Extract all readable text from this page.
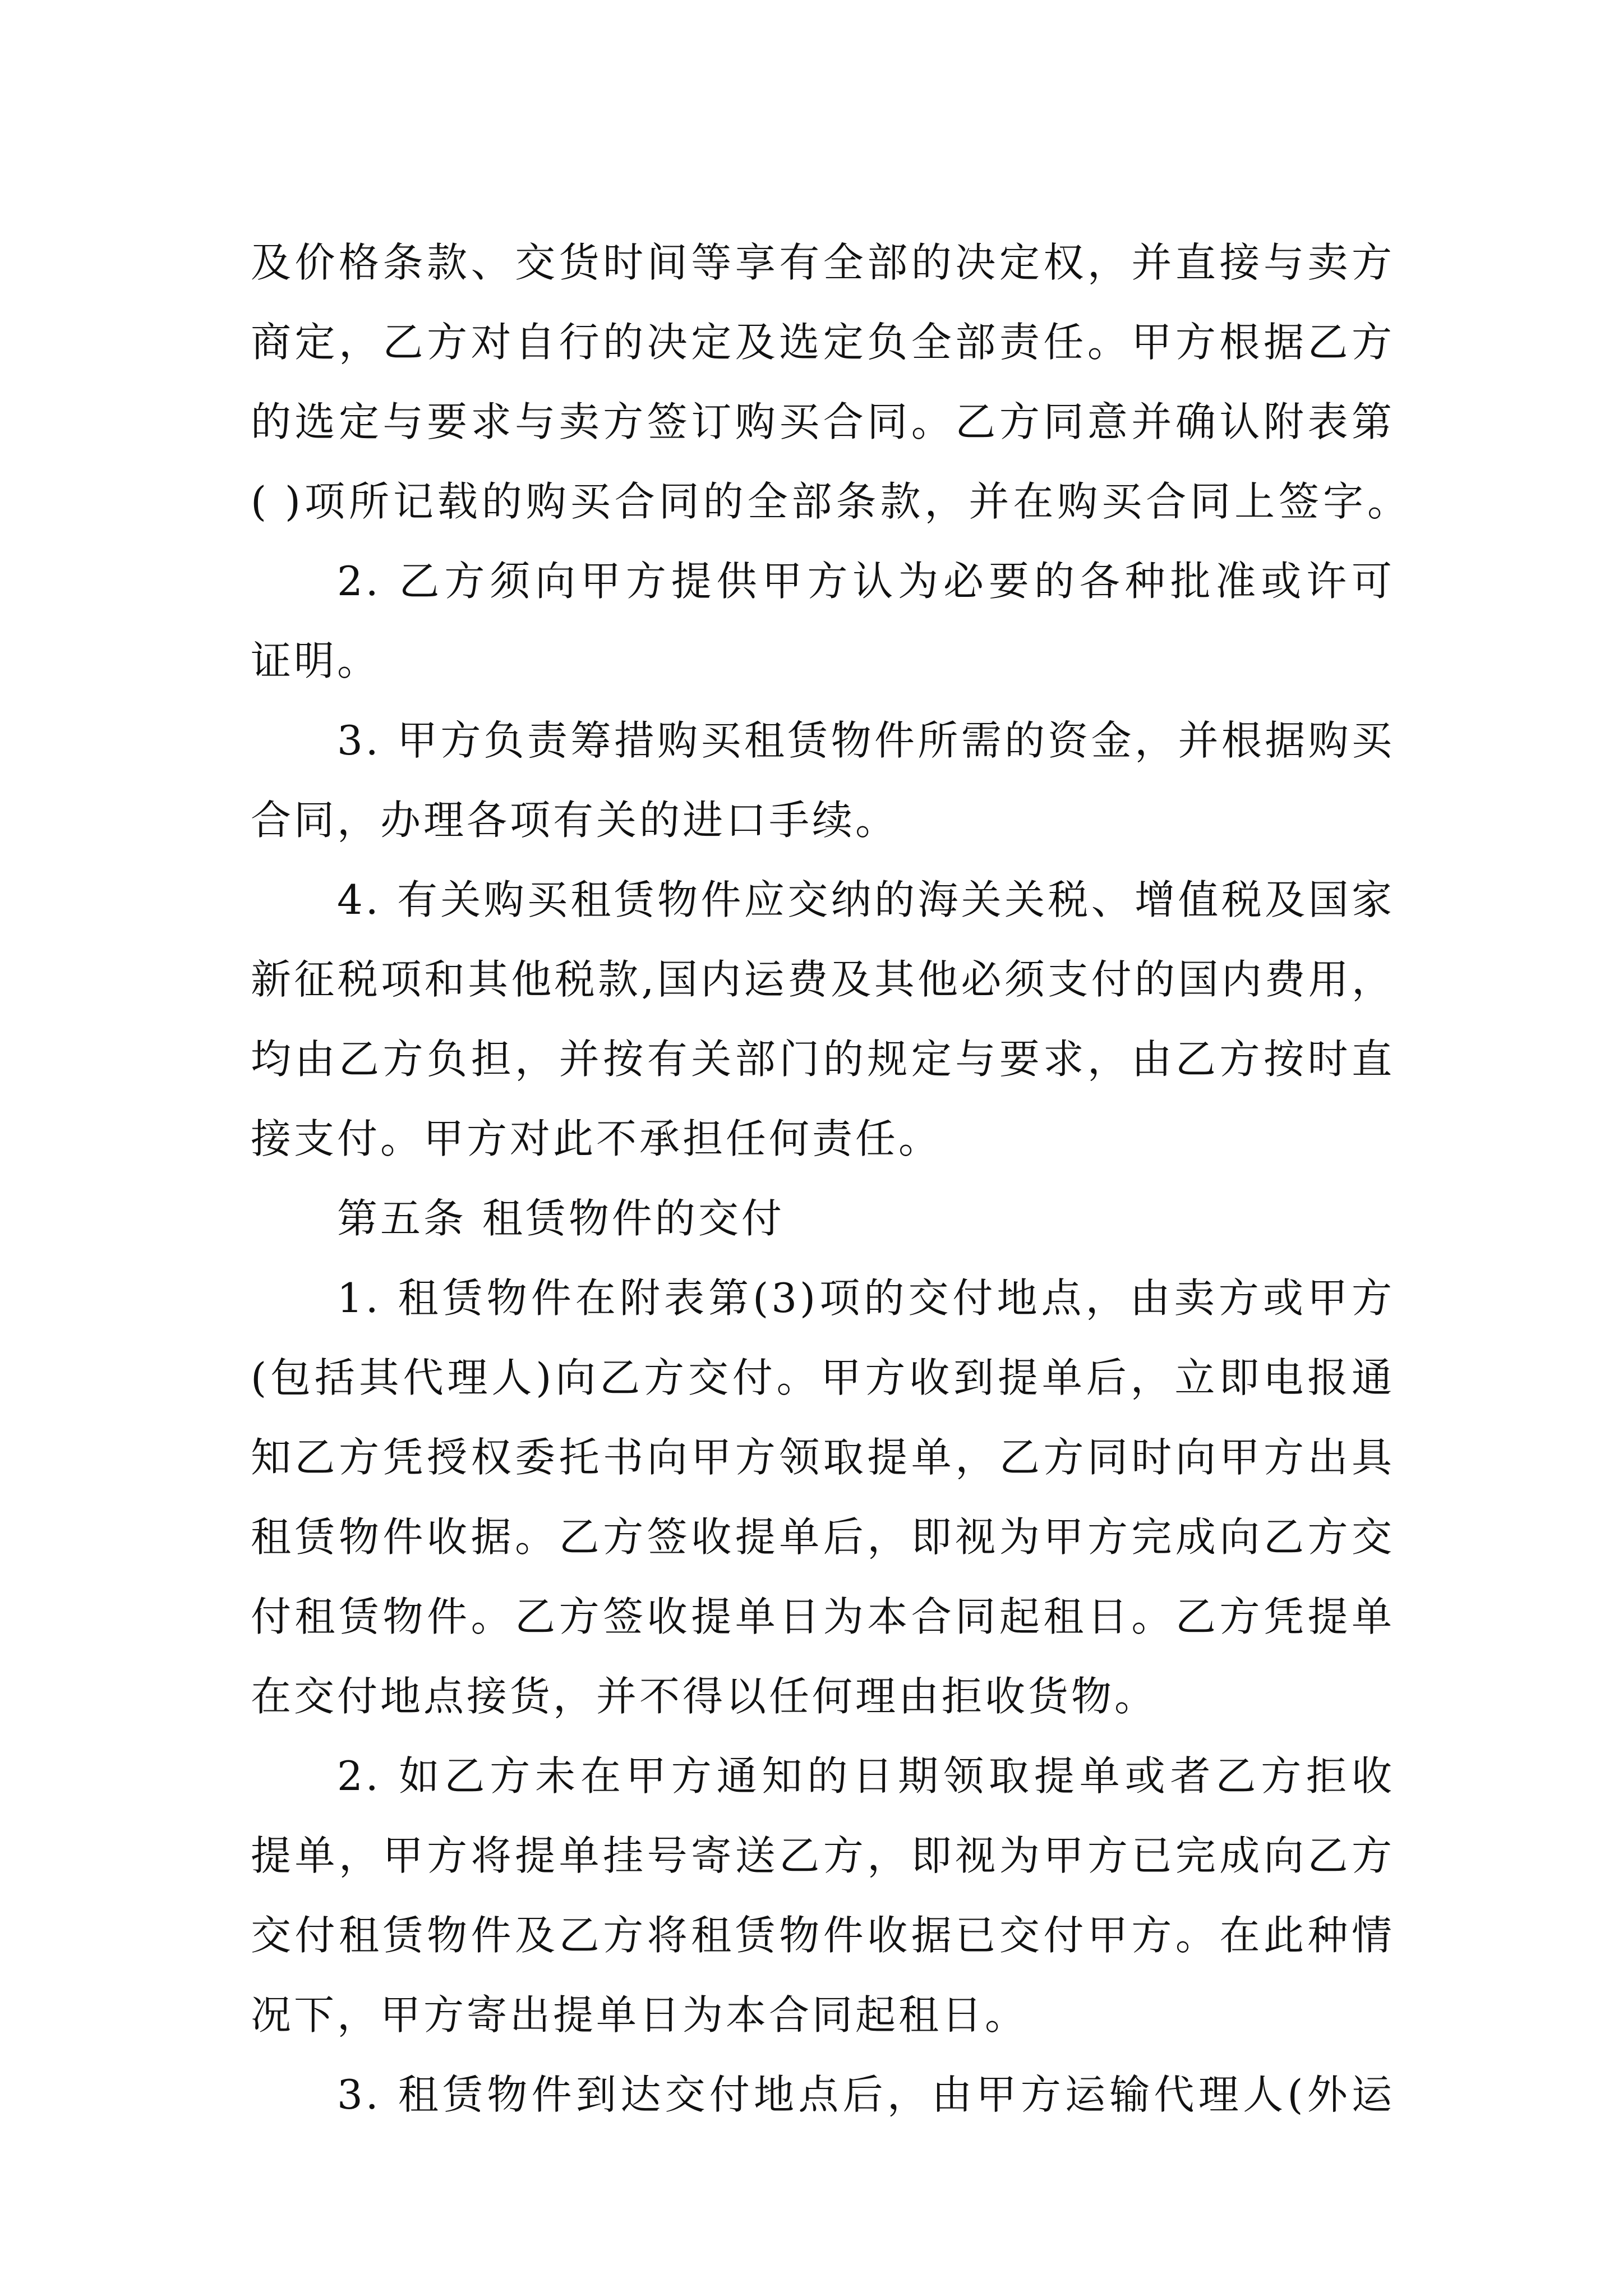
及价格条款、交货时间等享有全部的决定权，并直接与卖方
商定，乙方对自行的决定及选定负全部责任。甲方根据乙方
的选定与要求与卖方签订购买合同。乙方同意并确认附表第
( )项所记载的购买合同的全部条款，并在购买合同上签字。
2. 乙方须向甲方提供甲方认为必要的各种批准或许可
证明。
3. 甲方负责筹措购买租赁物件所需的资金，并根据购买
合同，办理各项有关的进口手续。
4. 有关购买租赁物件应交纳的海关关税、增值税及国家
新征税项和其他税款,国内运费及其他必须支付的国内费用，
均由乙方负担，并按有关部门的规定与要求，由乙方按时直
接支付。甲方对此不承担任何责任。
第五条 租赁物件的交付
1. 租赁物件在附表第(3)项的交付地点，由卖方或甲方
(包括其代理人)向乙方交付。甲方收到提单后，立即电报通
知乙方凭授权委托书向甲方领取提单，乙方同时向甲方出具
租赁物件收据。乙方签收提单后，即视为甲方完成向乙方交
付租赁物件。乙方签收提单日为本合同起租日。乙方凭提单
在交付地点接货，并不得以任何理由拒收货物。
2. 如乙方未在甲方通知的日期领取提单或者乙方拒收
提单，甲方将提单挂号寄送乙方，即视为甲方已完成向乙方
交付租赁物件及乙方将租赁物件收据已交付甲方。在此种情
况下，甲方寄出提单日为本合同起租日。
3. 租赁物件到达交付地点后，由甲方运输代理人(外运
